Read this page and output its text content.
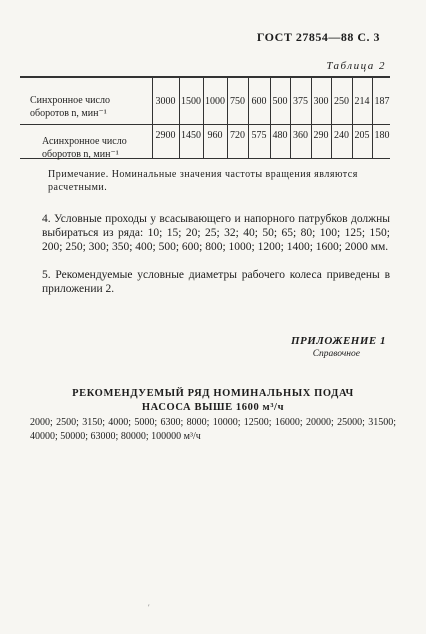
ГОСТ 27854—88 С. 3
Таблица 2
Синхронное число оборотов n, мин⁻¹
Асинхронное число оборотов n, мин⁻¹
3000 1500 1000 750 600 500 375 300 250 214 187
2900 1450 960 720 575 480 360 290 240 205 180
Примечание. Номинальные значения частоты вращения являются расчетными.
4. Условные проходы у всасывающего и напорного патрубков должны выбираться из ряда: 10; 15; 20; 25; 32; 40; 50; 65; 80; 100; 125; 150; 200; 250; 300; 350; 400; 500; 600; 800; 1000; 1200; 1400; 1600; 2000 мм.
5. Рекомендуемые условные диаметры рабочего колеса приведены в приложении 2.
ПРИЛОЖЕНИЕ 1
Справочное
РЕКОМЕНДУЕМЫЙ РЯД НОМИНАЛЬНЫХ ПОДАЧ
НАСОСА ВЫШЕ 1600 м³/ч
2000; 2500; 3150; 4000; 5000; 6300; 8000; 10000; 12500; 16000; 20000; 25000; 31500; 40000; 50000; 63000; 80000; 100000 м³/ч
′
